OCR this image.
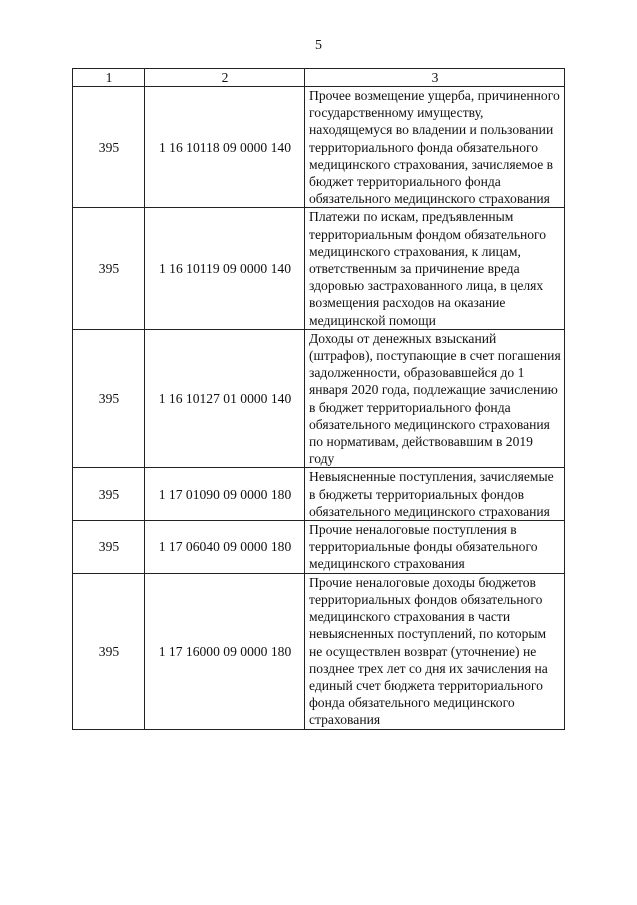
5
1	2	3
395	1 16 10118 09 0000 140	Прочее возмещение ущерба, причиненного государственному имуществу, находящемуся во владении и пользовании территориального фонда обязательного медицинского страхования, зачисляемое в бюджет территориального фонда обязательного медицинского страхования
395	1 16 10119 09 0000 140	Платежи по искам, предъявленным территориальным фондом обязательного медицинского страхования, к лицам, ответственным за причинение вреда здоровью застрахованного лица, в целях возмещения расходов на оказание медицинской помощи
395	1 16 10127 01 0000 140	Доходы от денежных взысканий (штрафов), поступающие в счет погашения задолженности, образовавшейся до 1 января 2020 года, подлежащие зачислению в бюджет территориального фонда обязательного медицинского страхования по нормативам, действовавшим в 2019 году
395	1 17 01090 09 0000 180	Невыясненные поступления, зачисляемые в бюджеты территориальных фондов обязательного медицинского страхования
395	1 17 06040 09 0000 180	Прочие неналоговые поступления в территориальные фонды обязательного медицинского страхования
395	1 17 16000 09 0000 180	Прочие неналоговые доходы бюджетов территориальных фондов обязательного медицинского страхования в части невыясненных поступлений, по которым не осуществлен возврат (уточнение) не позднее трех лет со дня их зачисления на единый счет бюджета территориального фонда обязательного медицинского страхования
